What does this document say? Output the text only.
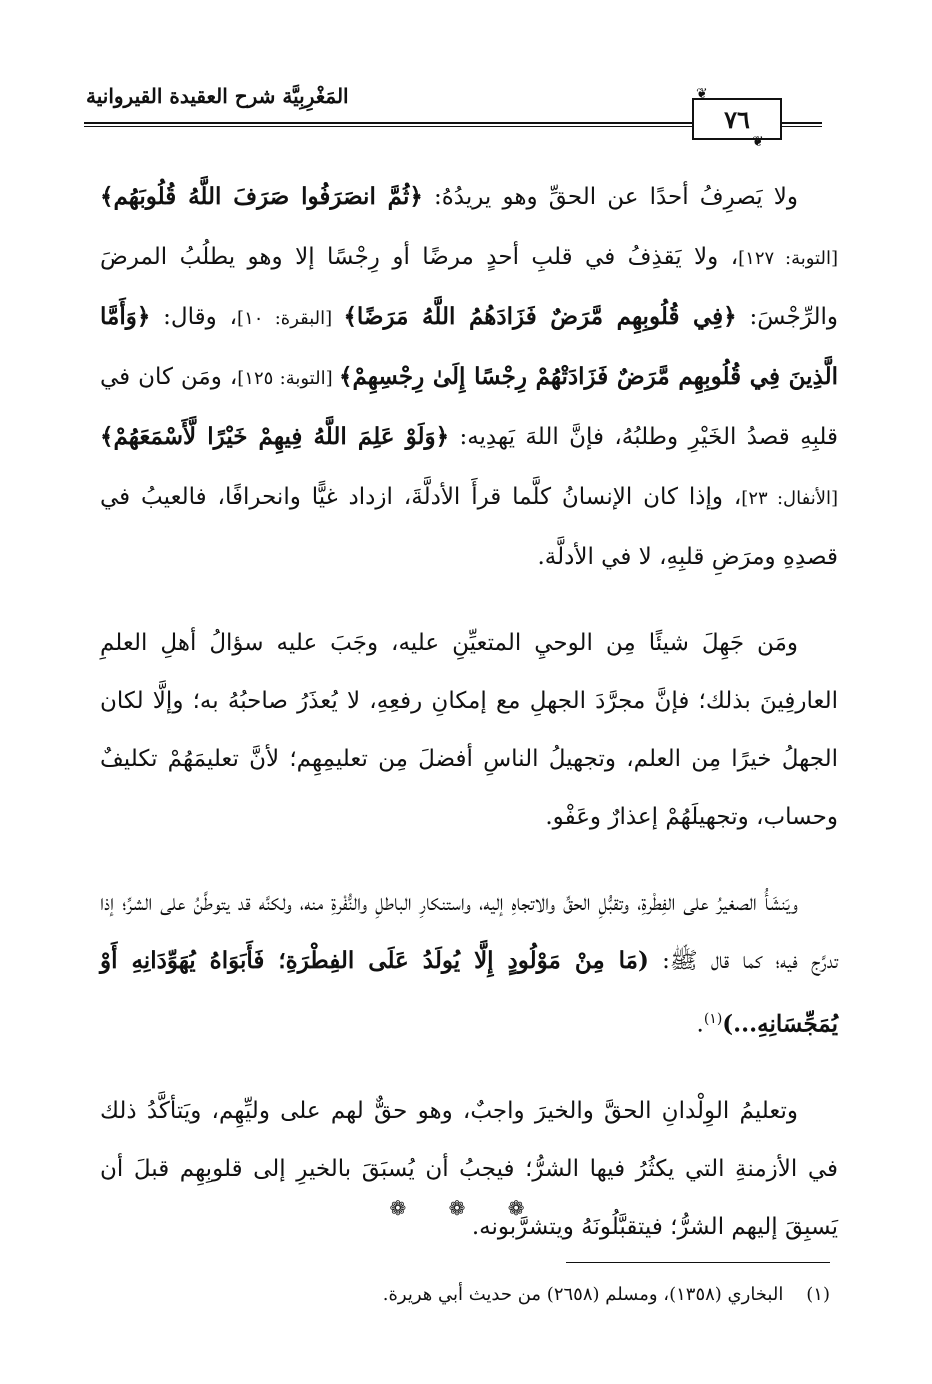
المَغْرِبِيَّة شرح العقيدة القيروانية
٧٦
❦
❦

ولا يَصرِفُ أحدًا عن الحقِّ وهو يريدُهُ: ﴿ثُمَّ انصَرَفُوا صَرَفَ اللَّهُ قُلُوبَهُم﴾ [التوبة: ١٢٧]، ولا يَقذِفُ في قلبِ أحدٍ مرضًا أو رِجْسًا إلا وهو يطلُبُ المرضَ والرِّجْسَ: ﴿فِي قُلُوبِهِم مَّرَضٌ فَزَادَهُمُ اللَّهُ مَرَضًا﴾ [البقرة: ١٠]، وقال: ﴿وَأَمَّا الَّذِينَ فِي قُلُوبِهِم مَّرَضٌ فَزَادَتْهُمْ رِجْسًا إِلَىٰ رِجْسِهِمْ﴾ [التوبة: ١٢٥]، ومَن كان في قلبِهِ قصدُ الخَيْرِ وطلبُهُ، فإنَّ اللهَ يَهدِيه: ﴿وَلَوْ عَلِمَ اللَّهُ فِيهِمْ خَيْرًا لَّأَسْمَعَهُمْ﴾ [الأنفال: ٢٣]، وإذا كان الإنسانُ كلَّما قرأَ الأدلَّةَ، ازداد غيًّا وانحرافًا، فالعيبُ في قصدِهِ ومرَضِ قلبِهِ، لا في الأدلَّة.

ومَن جَهِلَ شيئًا مِن الوحيِ المتعيِّنِ عليه، وجَبَ عليه سؤالُ أهلِ العلمِ العارفِينَ بذلك؛ فإنَّ مجرَّدَ الجهلِ مع إمكانِ رفعِهِ، لا يُعذَرُ صاحبُهُ به؛ وإلَّا لكان الجهلُ خيرًا مِن العلم، وتجهيلُ الناسِ أفضلَ مِن تعليمِهِم؛ لأنَّ تعليمَهُمْ تكليفٌ وحساب، وتجهيلَهُمْ إعذارٌ وعَفْو.

ويَنشَأُ الصغيرُ على الفِطْرةِ، وتقبُّلِ الحقِّ والاتجاهِ إليه، واستنكارِ الباطلِ والنُّفْرةِ منه، ولكنَّه قد يتوطَّنُ على الشرِّ؛ إذا تدرَّج فيه؛ كما قال ﷺ: (مَا مِنْ مَوْلُودٍ إِلَّا يُولَدُ عَلَى الفِطْرَةِ؛ فَأَبَوَاهُ يُهَوِّدَانِهِ أَوْ يُمَجِّسَانِهِ...)$^{(١)}$.

وتعليمُ الوِلْدانِ الحقَّ والخيرَ واجبٌ، وهو حقٌّ لهم على وليِّهِم، ويَتأكَّدُ ذلك في الأزمنةِ التي يكثُرُ فيها الشرُّ؛ فيجبُ أن يُسبَقَ بالخيرِ إلى قلوبِهِم قبلَ أن يَسبِقَ إليهم الشرُّ؛ فيتقبَّلُونَهُ ويتشرَّبونه.

❁ ❁ ❁
(١)    البخاري (١٣٥٨)، ومسلم (٢٦٥٨) من حديث أبي هريرة.
